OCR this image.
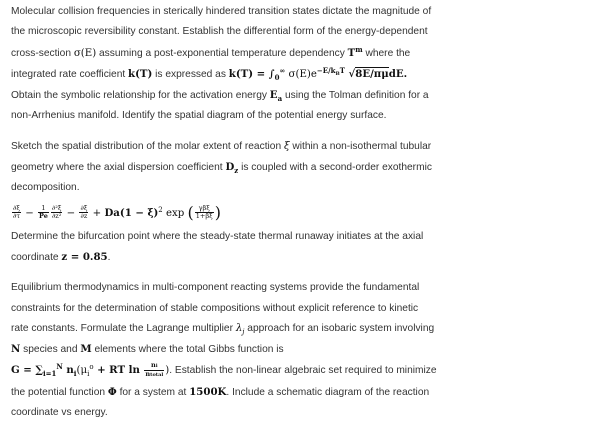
Molecular collision frequencies in sterically hindered transition states dictate the magnitude of
the microscopic reversibility constant. Establish the differential form of the energy-dependent
cross-section σ(E) assuming a post-exponential temperature dependency $T^m$ where the
integrated rate coefficient k(T) is expressed as $k(T) = \int_0^\infty$ $\sigma(E)e^{-E/kBT}$ √8E/πμdE.
Obtain the symbolic relationship for the activation energy $E_a$ using the Tolman definition for a
non-Arrhenius manifold. Identify the spatial diagram of the potential energy surface.
Sketch the spatial distribution of the molar extent of reaction ξ within a non-isothermal tubular
geometry where the axial dispersion coefficient $D_z$ is coupled with a second-order exothermic
decomposition.
$\frac{\partial\xi}{\partial\tau} - \frac{1}{Pe} \frac{\text{∂²ξ}}{\text{∂z²}} - \frac{\partial\xi}{\partial z} + Da(1 - \xi)^2$ exp ( $\frac{\text{γβξ}}{1+\beta\xi}$ )
Determine the bifurcation point where the steady-state thermal runaway initiates at the axial
coordinate z = 0.85.
Equilibrium thermodynamics in multi-component reacting systems provide the fundamental
constraints for the determination of stable compositions without explicit reference to kinetic
rate constants. Formulate the Lagrange multiplier $\lambda_j$ approach for an isobaric system involving
N species and M elements where the total Gibbs function is
$G = \sum_{i=1}^N$ $n_i(\mu_i^o$ + RT $\ln \frac{ni}{\text{ntotal}}$ ). Establish the non-linear algebraic set required to minimize
the potential function Φ for a system at 1500K. Include a schematic diagram of the reaction
coordinate vs energy.
